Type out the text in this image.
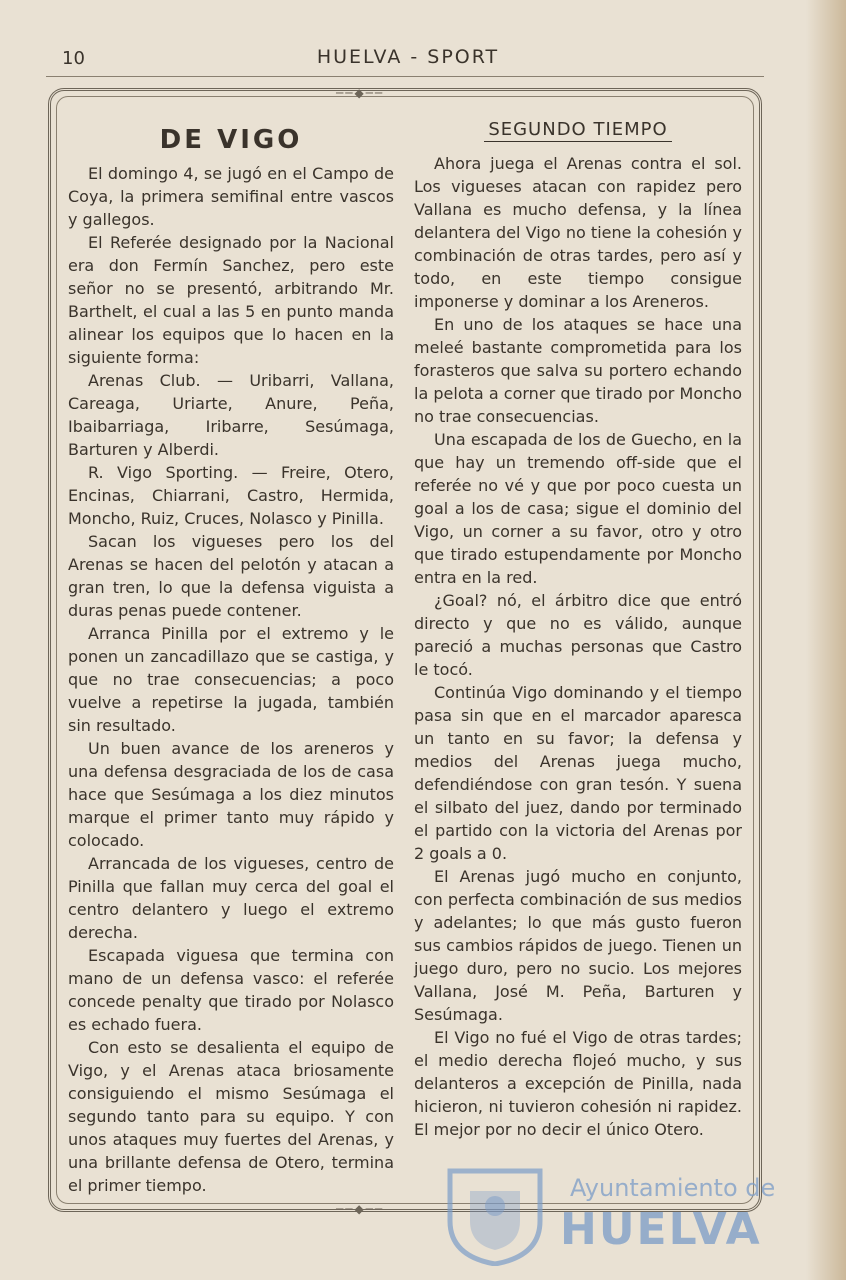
10	HUELVA - SPORT
──◆──
──◆──
DE VIGO

El domingo 4, se jugó en el Campo de Coya, la primera semifinal entre vascos y gallegos.

El Referée designado por la Nacional era don Fermín Sanchez, pero este señor no se presentó, arbitrando Mr. Barthelt, el cual a las 5 en punto manda alinear los equipos que lo hacen en la siguiente forma:

Arenas Club. — Uribarri, Vallana, Careaga, Uriarte, Anure, Peña, Ibaibarriaga, Iribarre, Sesúmaga, Barturen y Alberdi.

R. Vigo Sporting. — Freire, Otero, Encinas, Chiarrani, Castro, Hermida, Moncho, Ruiz, Cruces, Nolasco y Pinilla.

Sacan los vigueses pero los del Arenas se hacen del pelotón y atacan a gran tren, lo que la defensa viguista a duras penas puede contener.

Arranca Pinilla por el extremo y le ponen un zancadillazo que se castiga, y que no trae consecuencias; a poco vuelve a repetirse la jugada, también sin resultado.

Un buen avance de los areneros y una defensa desgraciada de los de casa hace que Sesúmaga a los diez minutos marque el primer tanto muy rápido y colocado.

Arrancada de los vigueses, centro de Pinilla que fallan muy cerca del goal el centro delantero y luego el extremo derecha.

Escapada viguesa que termina con mano de un defensa vasco: el referée concede penalty que tirado por Nolasco es echado fuera.

Con esto se desalienta el equipo de Vigo, y el Arenas ataca briosamente consiguiendo el mismo Sesúmaga el segundo tanto para su equipo. Y con unos ataques muy fuertes del Arenas, y una brillante defensa de Otero, termina el primer tiempo.

SEGUNDO TIEMPO

Ahora juega el Arenas contra el sol. Los vigueses atacan con rapidez pero Vallana es mucho defensa, y la línea delantera del Vigo no tiene la cohesión y combinación de otras tardes, pero así y todo, en este tiempo consigue imponerse y dominar a los Areneros.

En uno de los ataques se hace una meleé bastante comprometida para los forasteros que salva su portero echando la pelota a corner que tirado por Moncho no trae consecuencias.

Una escapada de los de Guecho, en la que hay un tremendo off-side que el referée no vé y que por poco cuesta un goal a los de casa; sigue el dominio del Vigo, un corner a su favor, otro y otro que tirado estupendamente por Moncho entra en la red.

¿Goal? nó, el árbitro dice que entró directo y que no es válido, aunque pareció a muchas personas que Castro le tocó.

Continúa Vigo dominando y el tiempo pasa sin que en el marcador aparesca un tanto en su favor; la defensa y medios del Arenas juega mucho, defendiéndose con gran tesón. Y suena el silbato del juez, dando por terminado el partido con la victoria del Arenas por 2 goals a 0.

El Arenas jugó mucho en conjunto, con perfecta combinación de sus medios y adelantes; lo que más gusto fueron sus cambios rápidos de juego. Tienen un juego duro, pero no sucio. Los mejores Vallana, José M. Peña, Barturen y Sesúmaga.

El Vigo no fué el Vigo de otras tardes; el medio derecha flojeó mucho, y sus delanteros a excepción de Pinilla, nada hicieron, ni tuvieron cohesión ni rapidez. El mejor por no decir el único Otero.

Ayuntamiento de
HUELVA
